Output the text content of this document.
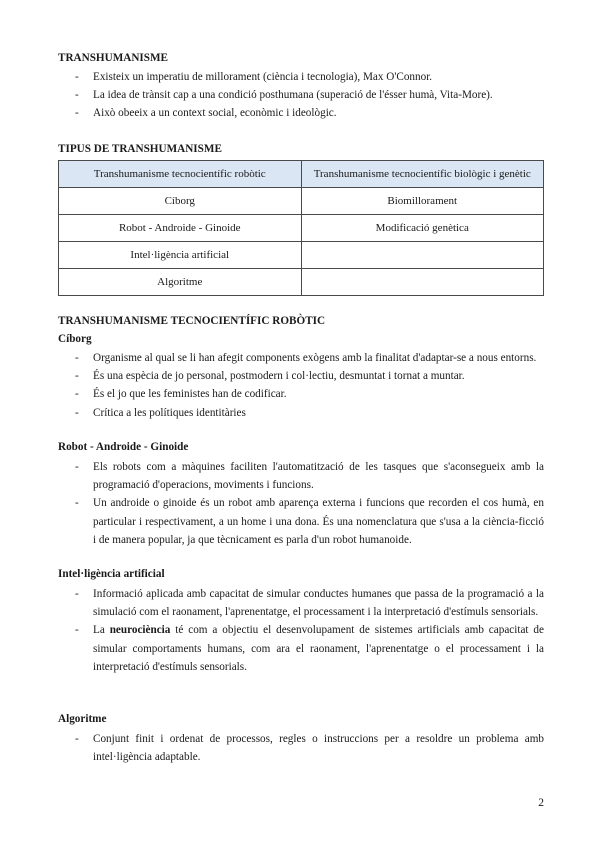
TRANSHUMANISME

- Existeix un imperatiu de millorament (ciència i tecnologia), Max O'Connor.
- La idea de trànsit cap a una condició posthumana (superació de l'ésser humà, Vita-More).
- Això obeeix a un context social, econòmic i ideològic.

TIPUS DE TRANSHUMANISME

Transhumanisme tecnocientífic robòtic	Transhumanisme tecnocientífic biològic i genètic
Cíborg	Biomillorament
Robot - Androide - Ginoide	Modificació genètica
Intel·ligència artificial	
Algoritme	

TRANSHUMANISME TECNOCIENTÍFIC ROBÒTIC

Cíborg

- Organisme al qual se li han afegit components exògens amb la finalitat d'adaptar-se a nous entorns.
- És una espècia de jo personal, postmodern i col·lectiu, desmuntat i tornat a muntar.
- És el jo que les feministes han de codificar.
- Crítica a les polítiques identitàries

Robot - Androide - Ginoide

- Els robots com a màquines faciliten l'automatització de les tasques que s'aconsegueix amb la programació d'operacions, moviments i funcions.
- Un androide o ginoide és un robot amb aparença externa i funcions que recorden el cos humà, en particular i respectivament, a un home i una dona. És una nomenclatura que s'usa a la ciència-ficció i de manera popular, ja que tècnicament es parla d'un robot humanoide.

Intel·ligència artificial

- Informació aplicada amb capacitat de simular conductes humanes que passa de la programació a la simulació com el raonament, l'aprenentatge, el processament i la interpretació d'estímuls sensorials.
- La neurociència té com a objectiu el desenvolupament de sistemes artificials amb capacitat de simular comportaments humans, com ara el raonament, l'aprenentatge o el processament i la interpretació d'estímuls sensorials.

Algoritme

- Conjunt finit i ordenat de processos, regles o instruccions per a resoldre un problema amb intel·ligència adaptable.
2
